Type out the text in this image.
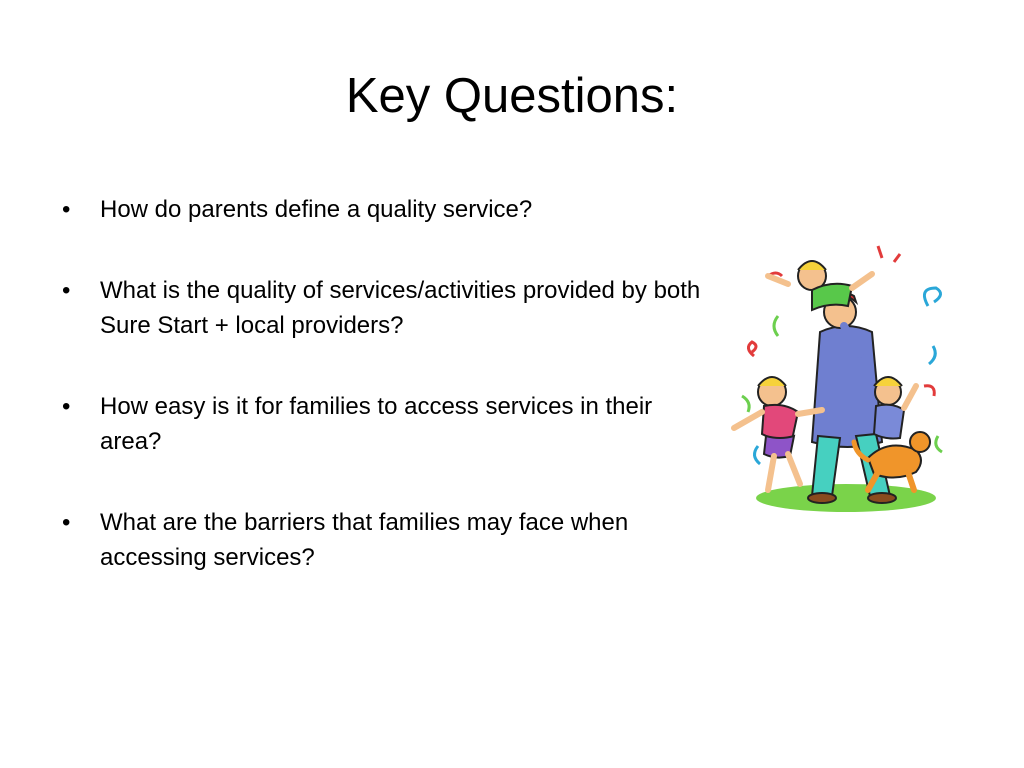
Key Questions:
• How do parents define a quality service?
• What is the quality of services/activities provided by both Sure Start + local providers?
• How easy is it for families to access services in their area?
• What are the barriers that families may face when accessing services?
